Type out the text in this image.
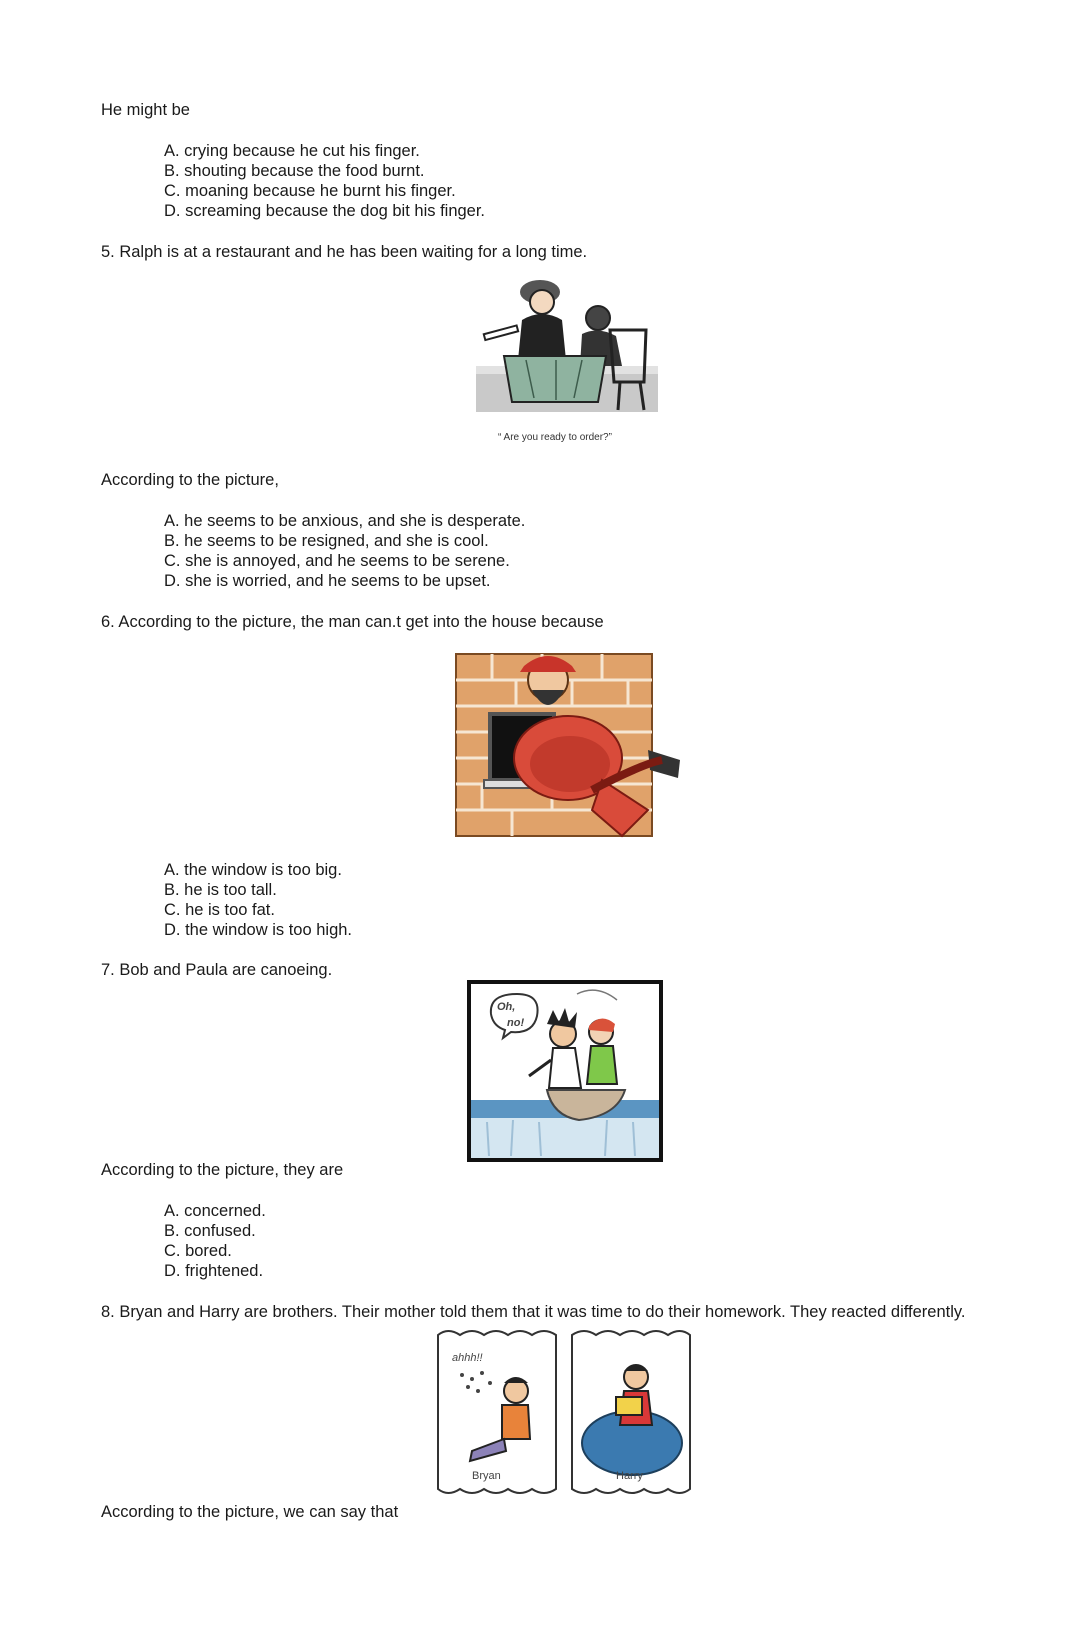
He might be
A. crying because he cut his finger.
B. shouting because the food burnt.
C. moaning because he burnt his finger.
D. screaming because the dog bit his finger.
5. Ralph is at a restaurant and he has been waiting for a long time.
“ Are you ready to order?”
According to the picture,
A. he seems to be anxious, and she is desperate.
B. he seems to be resigned, and she is cool.
C. she is annoyed, and he seems to be serene.
D. she is worried, and he seems to be upset.
6. According to the picture, the man can.t get into the house because
A. the window is too big.
B. he is too tall.
C. he is too fat.
D. the window is too high.
7. Bob and Paula are canoeing.
Oh,
no!
According to the picture, they are
A. concerned.
B. confused.
C. bored.
D. frightened.
8. Bryan and Harry are brothers. Their mother told them that it was time to do their homework. They reacted differently.
ahhh!!
Bryan	Harry
According to the picture, we can say that
